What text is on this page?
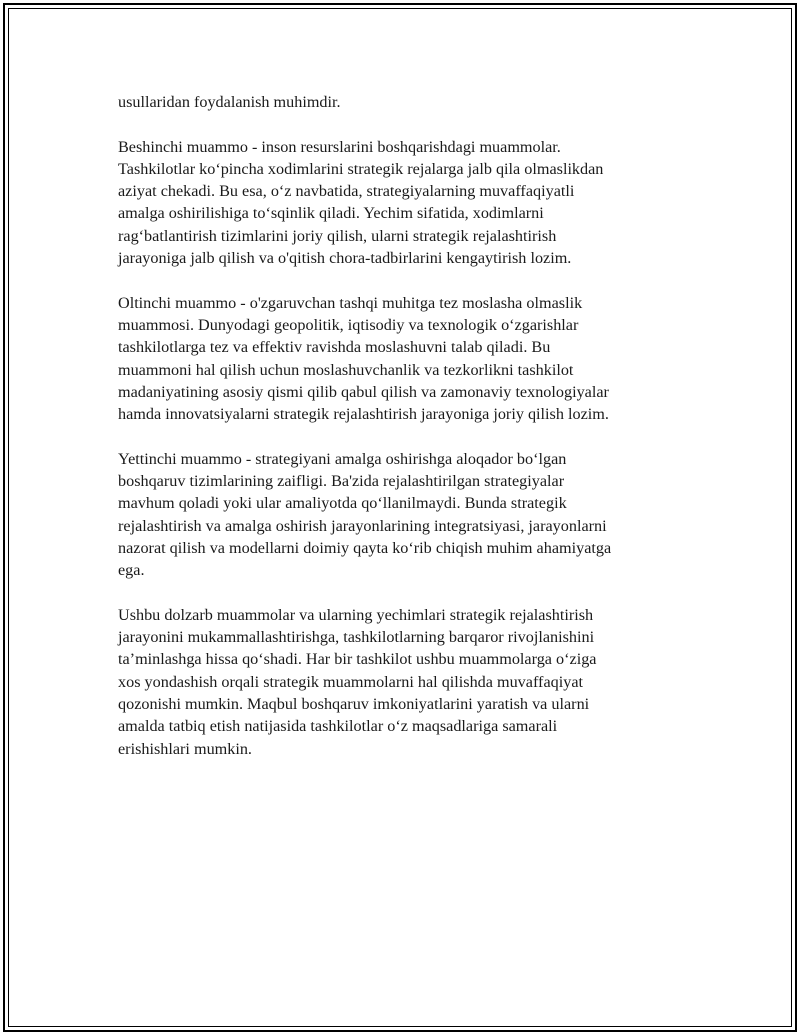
usullaridan foydalanish muhimdir.

Beshinchi muammo - inson resurslarini boshqarishdagi muammolar.
Tashkilotlar koʻpincha xodimlarini strategik rejalarga jalb qila olmaslikdan
aziyat chekadi. Bu esa, oʻz navbatida, strategiyalarning muvaffaqiyatli
amalga oshirilishiga toʻsqinlik qiladi. Yechim sifatida, xodimlarni
ragʻbatlantirish tizimlarini joriy qilish, ularni strategik rejalashtirish
jarayoniga jalb qilish va o'qitish chora-tadbirlarini kengaytirish lozim.

Oltinchi muammo - o'zgaruvchan tashqi muhitga tez moslasha olmaslik
muammosi. Dunyodagi geopolitik, iqtisodiy va texnologik oʻzgarishlar
tashkilotlarga tez va effektiv ravishda moslashuvni talab qiladi. Bu
muammoni hal qilish uchun moslashuvchanlik va tezkorlikni tashkilot
madaniyatining asosiy qismi qilib qabul qilish va zamonaviy texnologiyalar
hamda innovatsiyalarni strategik rejalashtirish jarayoniga joriy qilish lozim.

Yettinchi muammo - strategiyani amalga oshirishga aloqador boʻlgan
boshqaruv tizimlarining zaifligi. Ba'zida rejalashtirilgan strategiyalar
mavhum qoladi yoki ular amaliyotda qoʻllanilmaydi. Bunda strategik
rejalashtirish va amalga oshirish jarayonlarining integratsiyasi, jarayonlarni
nazorat qilish va modellarni doimiy qayta koʻrib chiqish muhim ahamiyatga
ega.

Ushbu dolzarb muammolar va ularning yechimlari strategik rejalashtirish
jarayonini mukammallashtirishga, tashkilotlarning barqaror rivojlanishini
taʼminlashga hissa qoʻshadi. Har bir tashkilot ushbu muammolarga oʻziga
xos yondashish orqali strategik muammolarni hal qilishda muvaffaqiyat
qozonishi mumkin. Maqbul boshqaruv imkoniyatlarini yaratish va ularni
amalda tatbiq etish natijasida tashkilotlar oʻz maqsadlariga samarali
erishishlari mumkin.
